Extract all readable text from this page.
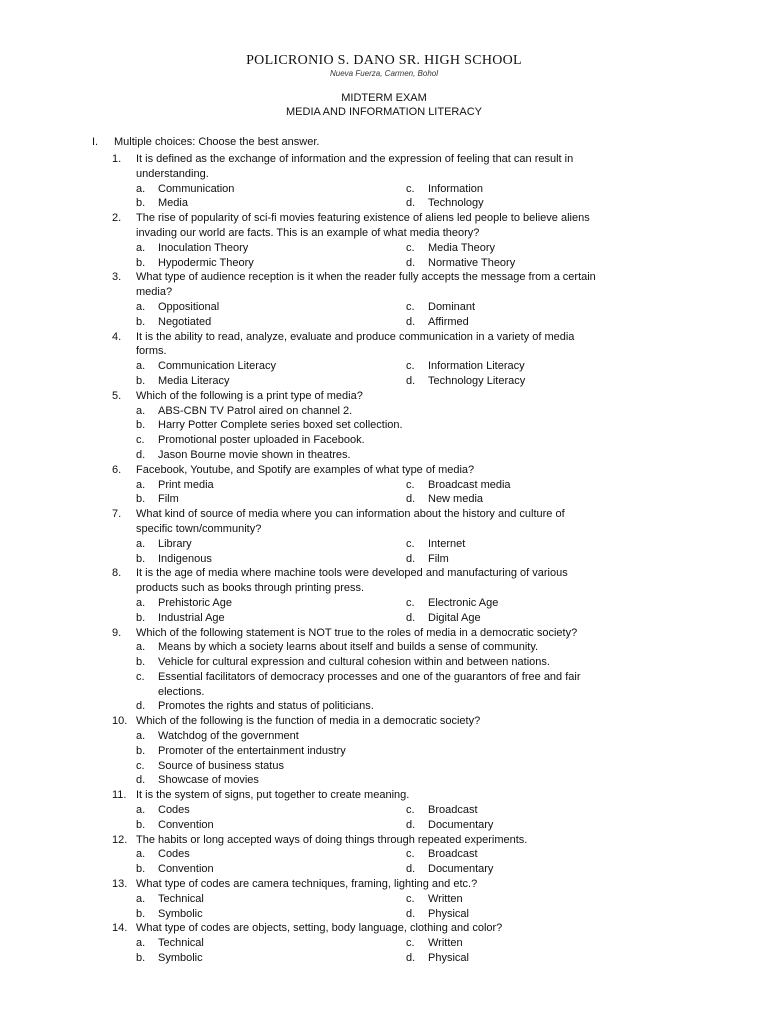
POLICRONIO S. DANO SR. HIGH SCHOOL
Nueva Fuerza, Carmen, Bohol
MIDTERM EXAM
MEDIA AND INFORMATION LITERACY
I. Multiple choices: Choose the best answer.
1.	It is defined as the exchange of information and the expression of feeling that can result in
understanding.
a. Communication	c. Information
b. Media	d. Technology
2.	The rise of popularity of sci-fi movies featuring existence of aliens led people to believe aliens
invading our world are facts. This is an example of what media theory?
a. Inoculation Theory	c. Media Theory
b. Hypodermic Theory	d. Normative Theory
3.	What type of audience reception is it when the reader fully accepts the message from a certain
media?
a. Oppositional	c. Dominant
b. Negotiated	d. Affirmed
4.	It is the ability to read, analyze, evaluate and produce communication in a variety of media
forms.
a. Communication Literacy	c. Information Literacy
b. Media Literacy	d. Technology Literacy
5.	Which of the following is a print type of media?
a. ABS-CBN TV Patrol aired on channel 2.
b. Harry Potter Complete series boxed set collection.
c. Promotional poster uploaded in Facebook.
d. Jason Bourne movie shown in theatres.
6.	Facebook, Youtube, and Spotify are examples of what type of media?
a. Print media	c. Broadcast media
b. Film	d. New media
7.	What kind of source of media where you can information about the history and culture of
specific town/community?
a. Library	c. Internet
b. Indigenous	d. Film
8.	It is the age of media where machine tools were developed and manufacturing of various
products such as books through printing press.
a. Prehistoric Age	c. Electronic Age
b. Industrial Age	d. Digital Age
9.	Which of the following statement is NOT true to the roles of media in a democratic society?
a. Means by which a society learns about itself and builds a sense of community.
b. Vehicle for cultural expression and cultural cohesion within and between nations.
c. Essential facilitators of democracy processes and one of the guarantors of free and fair
elections.
d. Promotes the rights and status of politicians.
10. Which of the following is the function of media in a democratic society?
a. Watchdog of the government
b. Promoter of the entertainment industry
c. Source of business status
d. Showcase of movies
11. It is the system of signs, put together to create meaning.
a. Codes	c. Broadcast
b. Convention	d. Documentary
12. The habits or long accepted ways of doing things through repeated experiments.
a. Codes	c. Broadcast
b. Convention	d. Documentary
13. What type of codes are camera techniques, framing, lighting and etc.?
a. Technical	c. Written
b. Symbolic	d. Physical
14. What type of codes are objects, setting, body language, clothing and color?
a. Technical	c. Written
b. Symbolic	d. Physical
